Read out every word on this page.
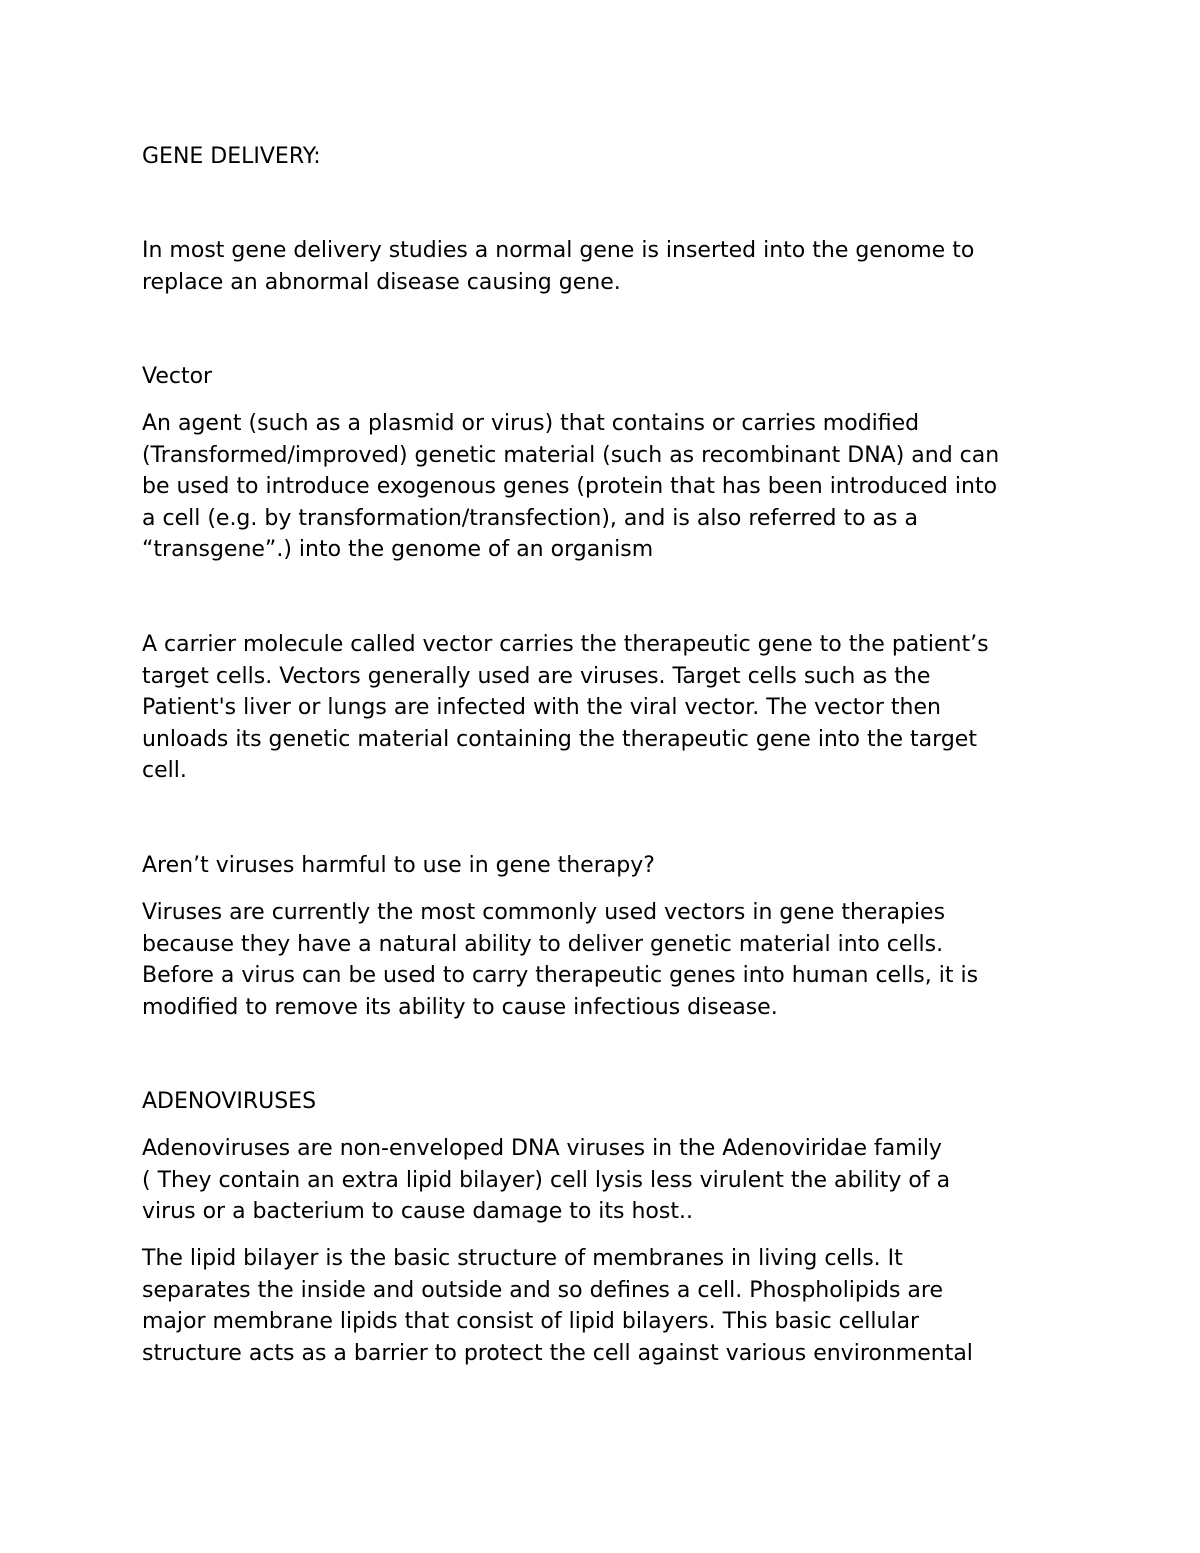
GENE DELIVERY:

In most gene delivery studies a normal gene is inserted into the genome to
replace an abnormal disease causing gene.

Vector

An agent (such as a plasmid or virus) that contains or carries modified
(Transformed/improved) genetic material (such as recombinant DNA) and can
be used to introduce exogenous genes (protein that has been introduced into
a cell (e.g. by transformation/transfection), and is also referred to as a
“transgene”.) into the genome of an organism

A carrier molecule called vector carries the therapeutic gene to the patient’s
target cells. Vectors generally used are viruses. Target cells such as the
Patient's liver or lungs are infected with the viral vector. The vector then
unloads its genetic material containing the therapeutic gene into the target
cell.

Aren’t viruses harmful to use in gene therapy?

Viruses are currently the most commonly used vectors in gene therapies
because they have a natural ability to deliver genetic material into cells.
Before a virus can be used to carry therapeutic genes into human cells, it is
modified to remove its ability to cause infectious disease.

ADENOVIRUSES

Adenoviruses are non-enveloped DNA viruses in the Adenoviridae family
( They contain an extra lipid bilayer) cell lysis less virulent the ability of a
virus or a bacterium to cause damage to its host..

The lipid bilayer is the basic structure of membranes in living cells. It
separates the inside and outside and so defines a cell. Phospholipids are
major membrane lipids that consist of lipid bilayers. This basic cellular
structure acts as a barrier to protect the cell against various environmental
